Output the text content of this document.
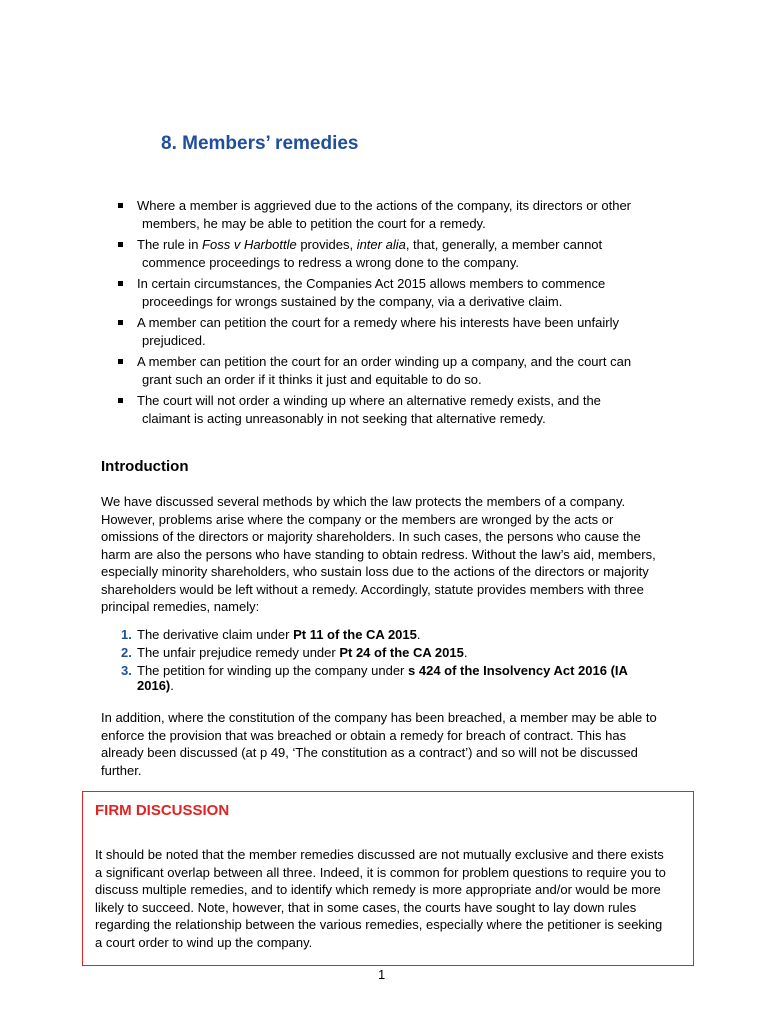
8. Members’ remedies
Where a member is aggrieved due to the actions of the company, its directors or other
members, he may be able to petition the court for a remedy.
The rule in Foss v Harbottle provides, inter alia, that, generally, a member cannot
commence proceedings to redress a wrong done to the company.
In certain circumstances, the Companies Act 2015 allows members to commence
proceedings for wrongs sustained by the company, via a derivative claim.
A member can petition the court for a remedy where his interests have been unfairly
prejudiced.
A member can petition the court for an order winding up a company, and the court can
grant such an order if it thinks it just and equitable to do so.
The court will not order a winding up where an alternative remedy exists, and the
claimant is acting unreasonably in not seeking that alternative remedy.
Introduction

We have discussed several methods by which the law protects the members of a company. However, problems arise where the company or the members are wronged by the acts or omissions of the directors or majority shareholders. In such cases, the persons who cause the harm are also the persons who have standing to obtain redress. Without the law’s aid, members, especially minority shareholders, who sustain loss due to the actions of the directors or majority shareholders would be left without a remedy. Accordingly, statute provides members with three principal remedies, namely:

1. The derivative claim under Pt 11 of the CA 2015.
2. The unfair prejudice remedy under Pt 24 of the CA 2015.
3. The petition for winding up the company under s 424 of the Insolvency Act 2016 (IA 2016).

In addition, where the constitution of the company has been breached, a member may be able to enforce the provision that was breached or obtain a remedy for breach of contract. This has already been discussed (at p 49, ‘The constitution as a contract’) and so will not be discussed further.

FIRM DISCUSSION

It should be noted that the member remedies discussed are not mutually exclusive and there exists a significant overlap between all three. Indeed, it is common for problem questions to require you to discuss multiple remedies, and to identify which remedy is more appropriate and/or would be more likely to succeed. Note, however, that in some cases, the courts have sought to lay down rules regarding the relationship between the various remedies, especially where the petitioner is seeking a court order to wind up the company.

1
